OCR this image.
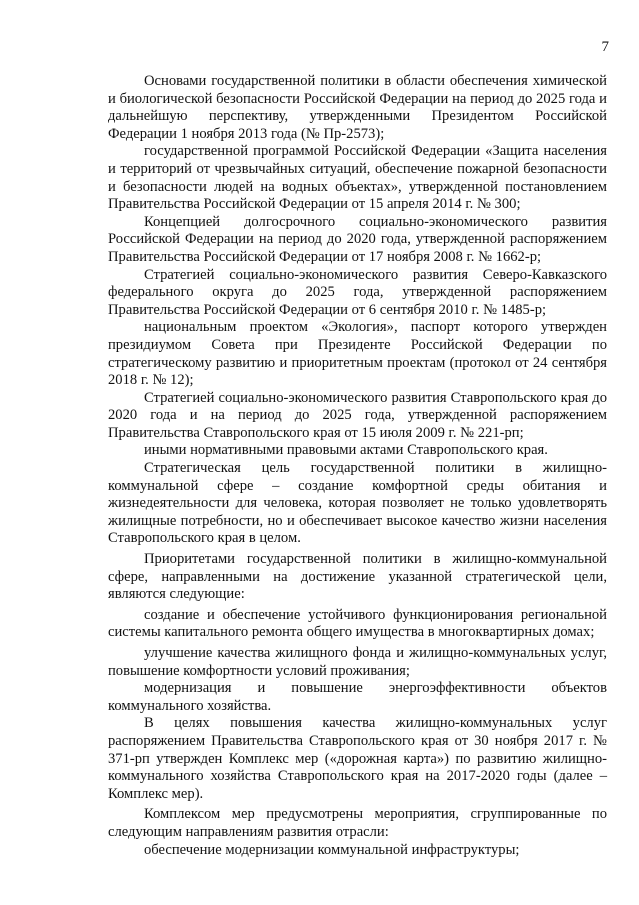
7

Основами государственной политики в области обеспечения химической и биологической безопасности Российской Федерации на период до 2025 года и дальнейшую перспективу, утвержденными Президентом Российской Федерации 1 ноября 2013 года (№ Пр-2573);

государственной программой Российской Федерации «Защита населения и территорий от чрезвычайных ситуаций, обеспечение пожарной безопасности и безопасности людей на водных объектах», утвержденной постановлением Правительства Российской Федерации от 15 апреля 2014 г. № 300;

Концепцией долгосрочного социально-экономического развития Российской Федерации на период до 2020 года, утвержденной распоряжением Правительства Российской Федерации от 17 ноября 2008 г. № 1662-р;

Стратегией социально-экономического развития Северо-Кавказского федерального округа до 2025 года, утвержденной распоряжением Правительства Российской Федерации от 6 сентября 2010 г. № 1485-р;

национальным проектом «Экология», паспорт которого утвержден президиумом Совета при Президенте Российской Федерации по стратегическому развитию и приоритетным проектам (протокол от 24 сентября 2018 г. № 12);

Стратегией социально-экономического развития Ставропольского края до 2020 года и на период до 2025 года, утвержденной распоряжением Правительства Ставропольского края от 15 июля 2009 г. № 221-рп;

иными нормативными правовыми актами Ставропольского края.

Стратегическая цель государственной политики в жилищно-коммунальной сфере – создание комфортной среды обитания и жизнедеятельности для человека, которая позволяет не только удовлетворять жилищные потребности, но и обеспечивает высокое качество жизни населения Ставропольского края в целом.

Приоритетами государственной политики в жилищно-коммунальной сфере, направленными на достижение указанной стратегической цели, являются следующие:

создание и обеспечение устойчивого функционирования региональной системы капитального ремонта общего имущества в многоквартирных домах;

улучшение качества жилищного фонда и жилищно-коммунальных услуг, повышение комфортности условий проживания;

модернизация и повышение энергоэффективности объектов коммунального хозяйства.

В целях повышения качества жилищно-коммунальных услуг распоряжением Правительства Ставропольского края от 30 ноября 2017 г. № 371-рп утвержден Комплекс мер («дорожная карта») по развитию жилищно-коммунального хозяйства Ставропольского края на 2017-2020 годы (далее – Комплекс мер).

Комплексом мер предусмотрены мероприятия, сгруппированные по следующим направлениям развития отрасли:

обеспечение модернизации коммунальной инфраструктуры;
